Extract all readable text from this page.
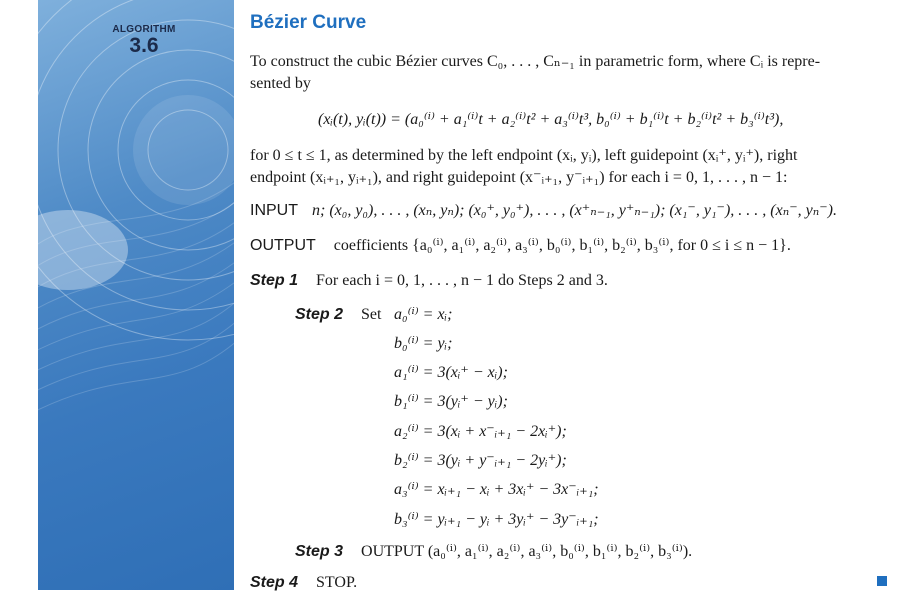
ALGORITHM
3.6
Bézier Curve
To construct the cubic Bézier curves C₀, . . . , Cₙ₋₁ in parametric form, where Cᵢ is repre-
sented by
(xᵢ(t), yᵢ(t)) = (a₀⁽ⁱ⁾ + a₁⁽ⁱ⁾t + a₂⁽ⁱ⁾t² + a₃⁽ⁱ⁾t³, b₀⁽ⁱ⁾ + b₁⁽ⁱ⁾t + b₂⁽ⁱ⁾t² + b₃⁽ⁱ⁾t³),
for 0 ≤ t ≤ 1, as determined by the left endpoint (xᵢ, yᵢ), left guidepoint (xᵢ⁺, yᵢ⁺), right
endpoint (xᵢ₊₁, yᵢ₊₁), and right guidepoint (x⁻ᵢ₊₁, y⁻ᵢ₊₁) for each i = 0, 1, . . . , n − 1:
INPUT n; (x₀, y₀), . . . , (xₙ, yₙ); (x₀⁺, y₀⁺), . . . , (x⁺ₙ₋₁, y⁺ₙ₋₁); (x₁⁻, y₁⁻), . . . , (xₙ⁻, yₙ⁻).
OUTPUT coefficients {a₀⁽ⁱ⁾, a₁⁽ⁱ⁾, a₂⁽ⁱ⁾, a₃⁽ⁱ⁾, b₀⁽ⁱ⁾, b₁⁽ⁱ⁾, b₂⁽ⁱ⁾, b₃⁽ⁱ⁾, for 0 ≤ i ≤ n − 1}.
Step 1 For each i = 0, 1, . . . , n − 1 do Steps 2 and 3.
Step 2 Set a₀⁽ⁱ⁾ = xᵢ;
b₀⁽ⁱ⁾ = yᵢ;
a₁⁽ⁱ⁾ = 3(xᵢ⁺ − xᵢ);
b₁⁽ⁱ⁾ = 3(yᵢ⁺ − yᵢ);
a₂⁽ⁱ⁾ = 3(xᵢ + x⁻ᵢ₊₁ − 2xᵢ⁺);
b₂⁽ⁱ⁾ = 3(yᵢ + y⁻ᵢ₊₁ − 2yᵢ⁺);
a₃⁽ⁱ⁾ = xᵢ₊₁ − xᵢ + 3xᵢ⁺ − 3x⁻ᵢ₊₁;
b₃⁽ⁱ⁾ = yᵢ₊₁ − yᵢ + 3yᵢ⁺ − 3y⁻ᵢ₊₁;
Step 3 OUTPUT (a₀⁽ⁱ⁾, a₁⁽ⁱ⁾, a₂⁽ⁱ⁾, a₃⁽ⁱ⁾, b₀⁽ⁱ⁾, b₁⁽ⁱ⁾, b₂⁽ⁱ⁾, b₃⁽ⁱ⁾).
Step 4 STOP.
